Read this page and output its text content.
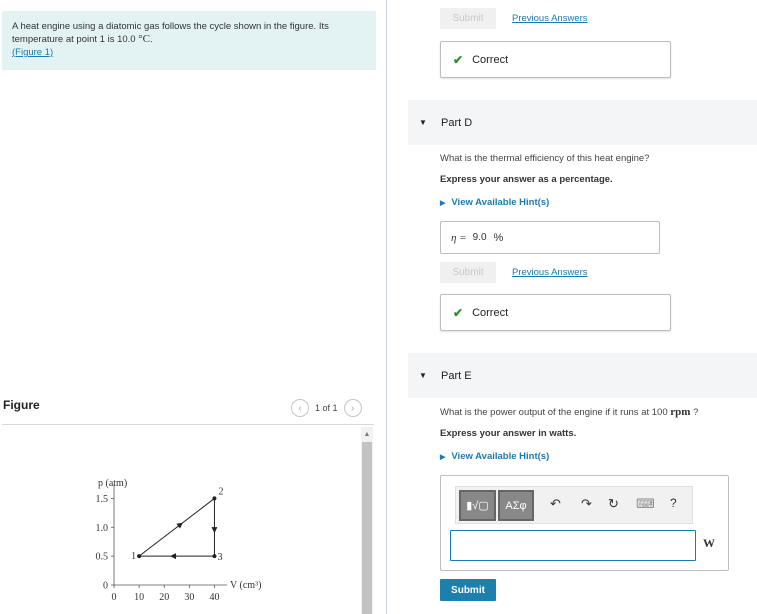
A heat engine using a diatomic gas follows the cycle shown in the figure. Its temperature at point 1 is 10.0 °C.
(Figure 1)
Figure	‹ 1 of 1 ›
▲
p (atm)
V (cm³)
1.5
1.0
0.5
0
0 10 20 30 40
1
2
3
Submit	Previous Answers
✔ Correct
▼ Part D
What is the thermal efficiency of this heat engine?
Express your answer as a percentage.
▶ View Available Hint(s)
η = 9.0 %
Submit	Previous Answers
✔ Correct
▼ Part E
What is the power output of the engine if it runs at 100 rpm ?
Express your answer in watts.
▶ View Available Hint(s)
▮√▢	ΑΣφ	↶ ↷ ↻ ⌨ ?
W
Submit
